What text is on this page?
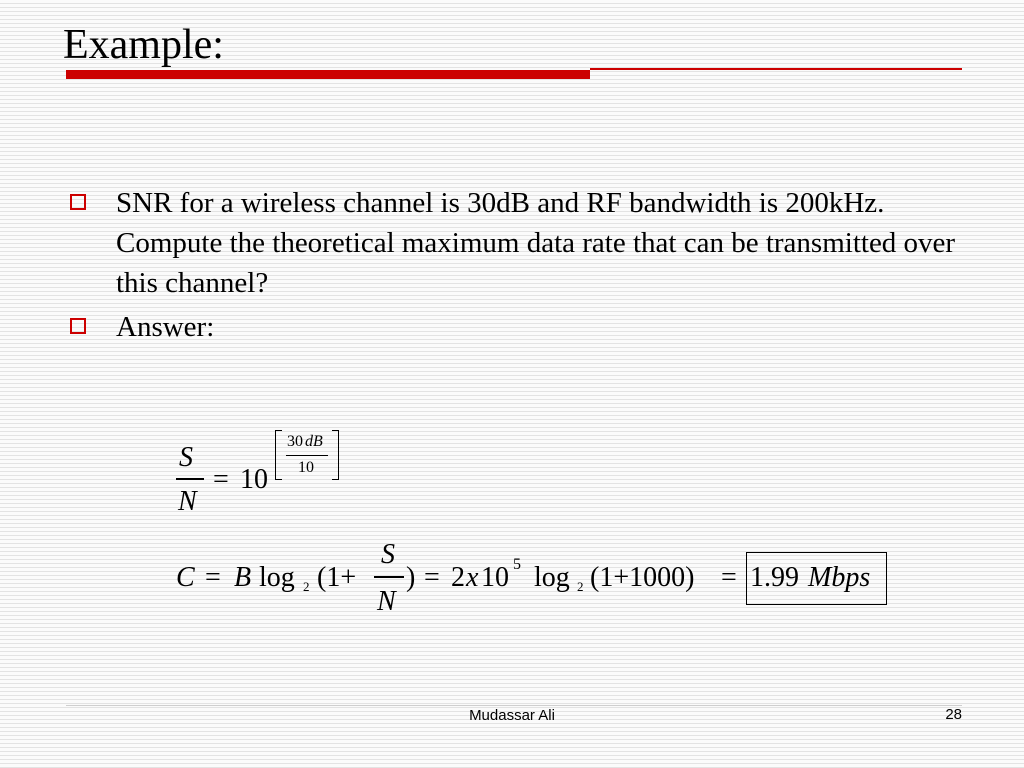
Example:
SNR for a wireless channel is 30dB and RF bandwidth is 200kHz. Compute the theoretical maximum data rate that can be transmitted over this channel?
Answer:
S
N
= 10
30 dB
10
C = B log 2 (1+
S
N
) = 2 x 10 5 log 2 (1+1000) = 1.99 Mbps
Mudassar Ali	28
